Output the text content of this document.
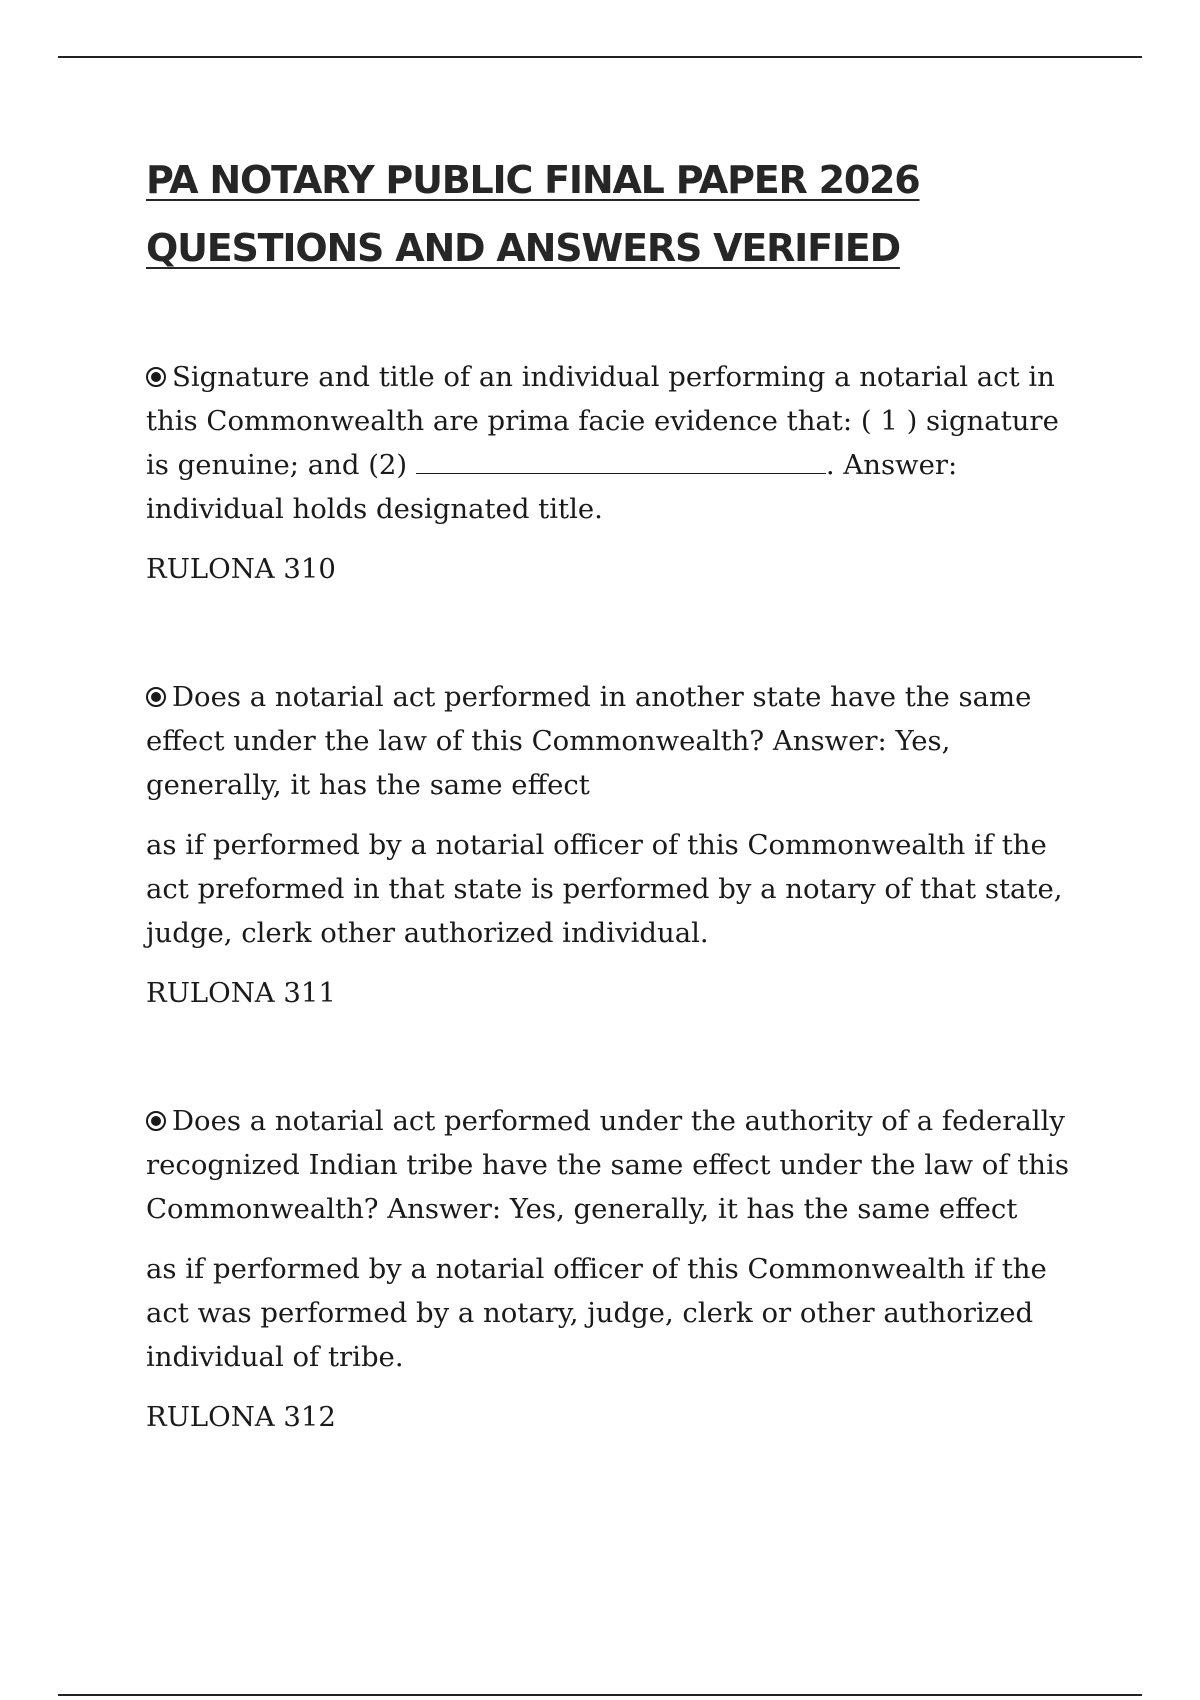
PA NOTARY PUBLIC FINAL PAPER 2026
QUESTIONS AND ANSWERS VERIFIED

Signature and title of an individual performing a notarial act in this Commonwealth are prima facie evidence that: ( 1 ) signature is genuine; and (2)	. Answer: individual holds designated title.

RULONA 310

Does a notarial act performed in another state have the same effect under the law of this Commonwealth? Answer: Yes, generally, it has the same effect

as if performed by a notarial officer of this Commonwealth if the act preformed in that state is performed by a notary of that state, judge, clerk other authorized individual.

RULONA 311

Does a notarial act performed under the authority of a federally recognized Indian tribe have the same effect under the law of this Commonwealth? Answer: Yes, generally, it has the same effect

as if performed by a notarial officer of this Commonwealth if the act was performed by a notary, judge, clerk or other authorized individual of tribe.

RULONA 312
